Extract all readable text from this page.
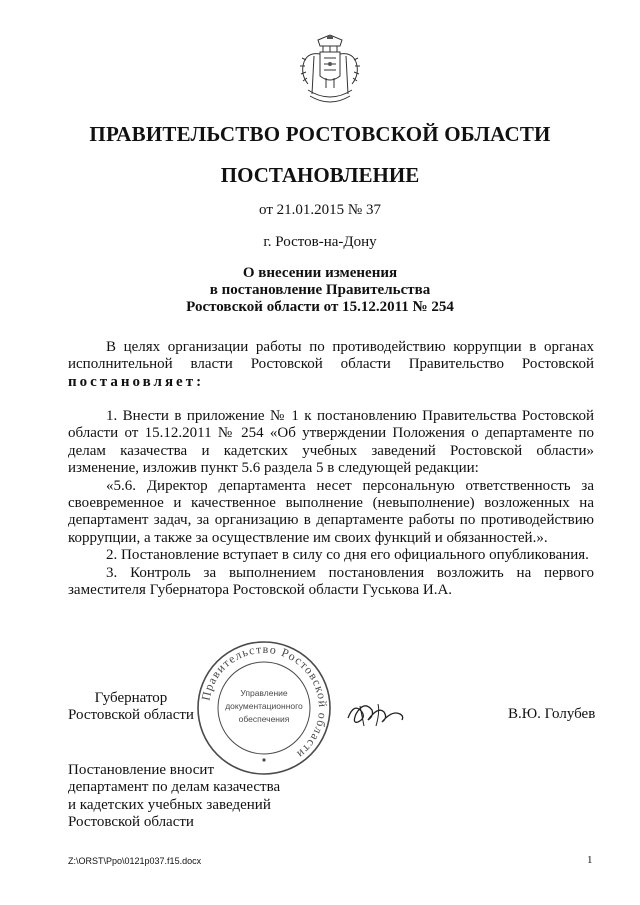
ПРАВИТЕЛЬСТВО РОСТОВСКОЙ ОБЛАСТИ
ПОСТАНОВЛЕНИЕ
от 21.01.2015 № 37
г. Ростов-на-Дону
О внесении изменения
в постановление Правительства
Ростовской области от 15.12.2011 № 254

В целях организации работы по противодействию коррупции в органах исполнительной власти Ростовской области Правительство Ростовской постановляет:

1. Внести в приложение № 1 к постановлению Правительства Ростовской области от 15.12.2011 № 254 «Об утверждении Положения о департаменте по делам казачества и кадетских учебных заведений Ростовской области» изменение, изложив пункт 5.6 раздела 5 в следующей редакции:

«5.6. Директор департамента несет персональную ответственность за своевременное и качественное выполнение (невыполнение) возложенных на департамент задач, за организацию в департаменте работы по противодействию коррупции, а также за осуществление им своих функций и обязанностей.».

2. Постановление вступает в силу со дня его официального опубликования.

3. Контроль за выполнением постановления возложить на первого заместителя Губернатора Ростовской области Гуськова И.А.

Губернатор
Ростовской области
Правительство Ростовской области
Управление
документационного
обеспечения	В.Ю. Голубев
Постановление вносит
департамент по делам казачества
и кадетских учебных заведений
Ростовской области
Z:\ORST\Ppo\0121p037.f15.docx	1
